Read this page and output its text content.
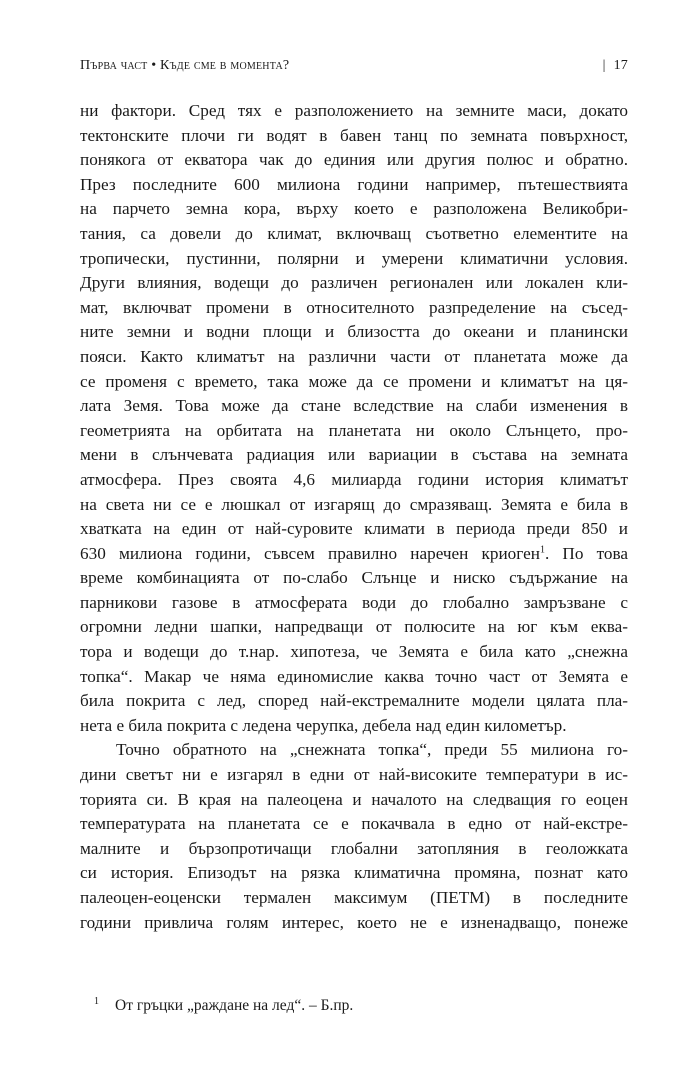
Първа част • Къде сме в момента?	| 17
ни фактори. Сред тях е разположението на земните маси, докато
тектонските плочи ги водят в бавен танц по земната повърхност,
понякога от екватора чак до единия или другия полюс и обратно.
През последните 600 милиона години например, пътешествията
на парчето земна кора, върху което е разположена Великобри-
тания, са довели до климат, включващ съответно елементите на
тропически, пустинни, полярни и умерени климатични условия.
Други влияния, водещи до различен регионален или локален кли-
мат, включват промени в относителното разпределение на съсед-
ните земни и водни площи и близостта до океани и планински
пояси. Както климатът на различни части от планетата може да
се променя с времето, така може да се промени и климатът на ця-
лата Земя. Това може да стане вследствие на слаби изменения в
геометрията на орбитата на планетата ни около Слънцето, про-
мени в слънчевата радиация или вариации в състава на земната
атмосфера. През своята 4,6 милиарда години история климатът
на света ни се е люшкал от изгарящ до смразяващ. Земята е била в
хватката на един от най-суровите климати в периода преди 850 и
630 милиона години, съвсем правилно наречен криоген$^1$. По това
време комбинацията от по-слабо Слънце и ниско съдържание на
парникови газове в атмосферата води до глобално замръзване с
огромни ледни шапки, напредващи от полюсите на юг към еква-
тора и водещи до т.нар. хипотеза, че Земята е била като „снежна
топка“. Макар че няма единомислие каква точно част от Земята е
била покрита с лед, според най-екстремалните модели цялата пла-
нета е била покрита с ледена черупка, дебела над един километър.
Точно обратното на „снежната топка“, преди 55 милиона го-
дини светът ни е изгарял в едни от най-високите температури в ис-
торията си. В края на палеоцена и началото на следващия го еоцен
температурата на планетата се е покачвала в едно от най-екстре-
малните и бързопротичащи глобални затопляния в геоложката
си история. Епизодът на рязка климатична промяна, познат като
палеоцен-еоценски термален максимум (ПЕТМ) в последните
години привлича голям интерес, което не е изненадващо, понеже
$^1$ От гръцки „раждане на лед“. – Б.пр.
